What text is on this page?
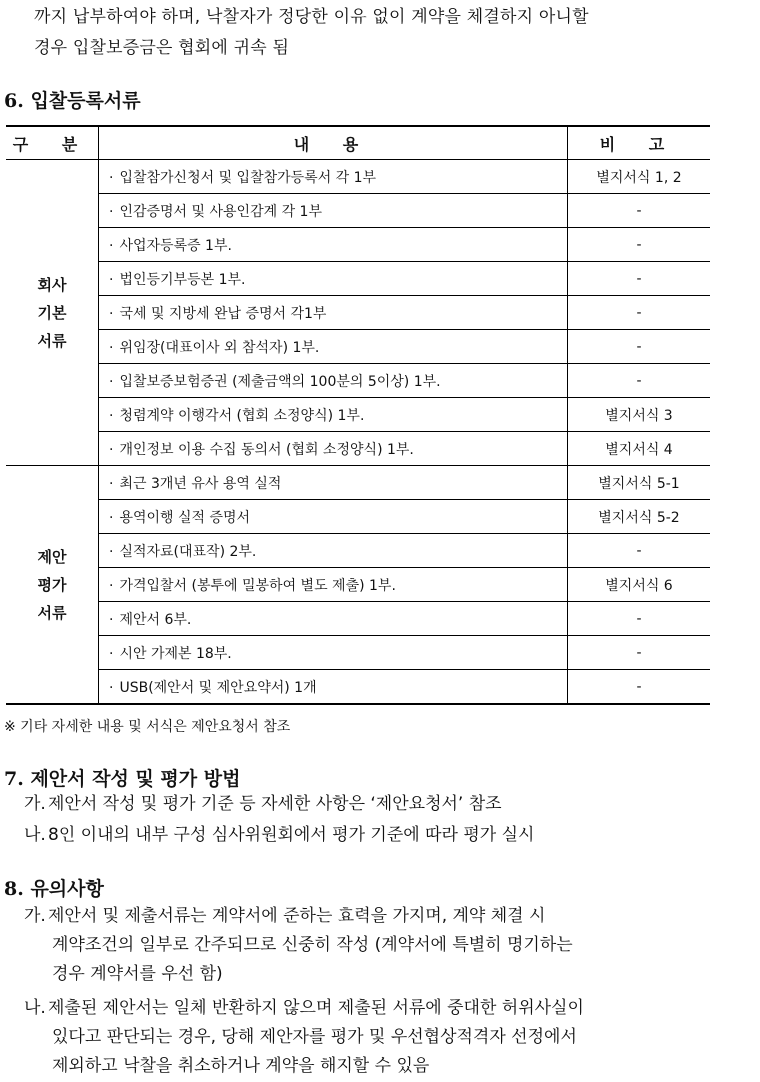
까지 납부하여야 하며, 낙찰자가 정당한 이유 없이 계약을 체결하지 아니할

경우 입찰보증금은 협회에 귀속 됨

6. 입찰등록서류
구 분	내 용	비 고

회사
기본
서류	· 입찰참가신청서 및 입찰참가등록서 각 1부	별지서식 1, 2
	· 인감증명서 및 사용인감계 각 1부	-
	· 사업자등록증 1부.	-
	· 법인등기부등본 1부.	-
	· 국세 및 지방세 완납 증명서 각1부	-
	· 위임장(대표이사 외 참석자) 1부.	-
	· 입찰보증보험증권 (제출금액의 100분의 5이상) 1부.	-
	· 청렴계약 이행각서 (협회 소정양식) 1부.	별지서식 3
	· 개인정보 이용 수집 동의서 (협회 소정양식) 1부.	별지서식 4

제안
평가
서류	· 최근 3개년 유사 용역 실적	별지서식 5-1
	· 용역이행 실적 증명서	별지서식 5-2
	· 실적자료(대표작) 2부.	-
	· 가격입찰서 (봉투에 밀봉하여 별도 제출) 1부.	별지서식 6
	· 제안서 6부.	-
	· 시안 가제본 18부.	-
	· USB(제안서 및 제안요약서) 1개	-

※ 기타 자세한 내용 및 서식은 제안요청서 참조

7. 제안서 작성 및 평가 방법

가. 제안서 작성 및 평가 기준 등 자세한 사항은 ‘제안요청서’ 참조

나. 8인 이내의 내부 구성 심사위원회에서 평가 기준에 따라 평가 실시

8. 유의사항

가. 제안서 및 제출서류는 계약서에 준하는 효력을 가지며, 계약 체결 시

계약조건의 일부로 간주되므로 신중히 작성 (계약서에 특별히 명기하는

경우 계약서를 우선 함)

나. 제출된 제안서는 일체 반환하지 않으며 제출된 서류에 중대한 허위사실이

있다고 판단되는 경우, 당해 제안자를 평가 및 우선협상적격자 선정에서

제외하고 낙찰을 취소하거나 계약을 해지할 수 있음
